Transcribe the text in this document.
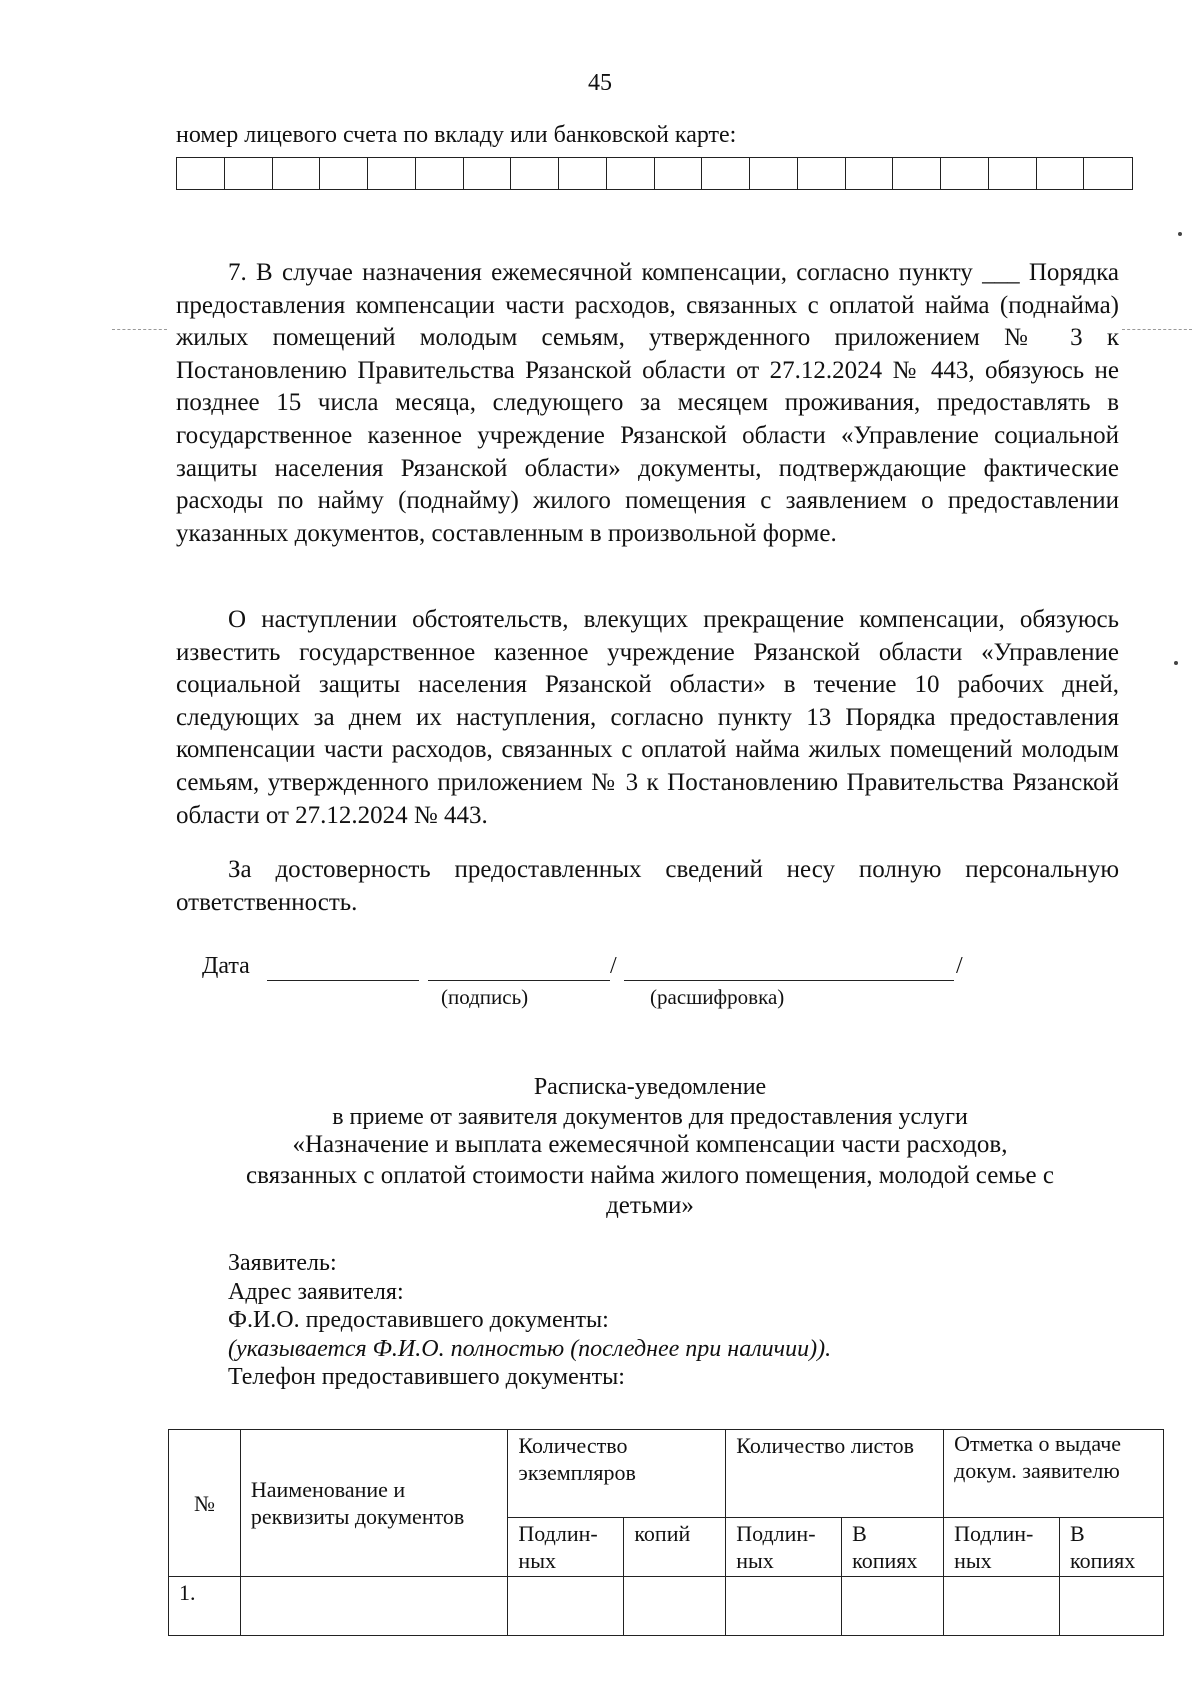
45
номер лицевого счета по вкладу или банковской карте:

7. В случае назначения ежемесячной компенсации, согласно пункту ___ Порядка предоставления компенсации части расходов, связанных с оплатой найма (поднайма) жилых помещений молодым семьям, утвержденного приложением № 3 к Постановлению Правительства Рязанской области от 27.12.2024 № 443, обязуюсь не позднее 15 числа месяца, следующего за месяцем проживания, предоставлять в государственное казенное учреждение Рязанской области «Управление социальной защиты населения Рязанской области» документы, подтверждающие фактические расходы по найму (поднайму) жилого помещения с заявлением о предоставлении указанных документов, составленным в произвольной форме.

О наступлении обстоятельств, влекущих прекращение компенсации, обязуюсь известить государственное казенное учреждение Рязанской области «Управление социальной защиты населения Рязанской области» в течение 10 рабочих дней, следующих за днем их наступления, согласно пункту 13 Порядка предоставления компенсации части расходов, связанных с оплатой найма жилых помещений молодым семьям, утвержденного приложением № 3 к Постановлению Правительства Рязанской области от 27.12.2024 № 443.

За достоверность предоставленных сведений несу полную персональную ответственность.

Дата	/	/
(подпись)	(расшифровка)
Расписка-уведомление
в приеме от заявителя документов для предоставления услуги
«Назначение и выплата ежемесячной компенсации части расходов,
связанных с оплатой стоимости найма жилого помещения, молодой семье с
детьми»
Заявитель:
Адрес заявителя:
Ф.И.О. предоставившего документы:
(указывается Ф.И.О. полностью (последнее при наличии)).
Телефон предоставившего документы:
№	Наименование и реквизиты документов	Количество экземпляров		Количество листов		Отметка о выдаче докум. заявителю	
		Подлин-ных	копий	Подлин-ных	В копиях	Подлин-ных	В копиях
1.							
